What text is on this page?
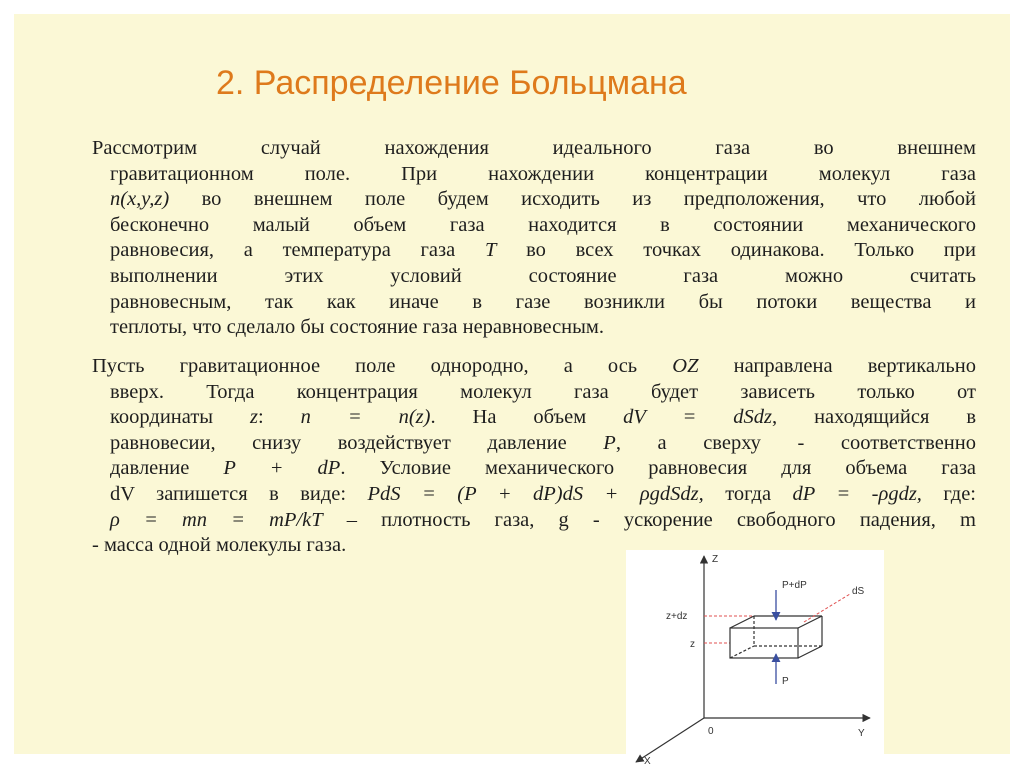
2. Распределение Больцмана
Рассмотрим случай нахождения идеального газа во внешнем
гравитационном поле. При нахождении концентрации молекул газа
n(x,y,z) во внешнем поле будем исходить из предположения, что любой
бесконечно малый объем газа находится в состоянии механического
равновесия, а температура газа T во всех точках одинакова. Только при
выполнении этих условий состояние газа можно считать
равновесным, так как иначе в газе возникли бы потоки вещества и
теплоты, что сделало бы состояние газа неравновесным.
Пусть гравитационное поле однородно, а ось OZ направлена вертикально
вверх. Тогда концентрация молекул газа будет зависеть только от
координаты z: n = n(z). На объем dV = dSdz, находящийся в
равновесии, снизу воздействует давление P, а сверху - соответственно
давление P + dP. Условие механического равновесия для объема газа
dV запишется в виде: PdS = (P + dP)dS + ρgdSdz, тогда dP = -ρgdz, где:
ρ = mn = mP/kT – плотность газа, g - ускорение свободного падения, m
- масса одной молекулы газа.
Z
Y
X
0
z+dz
z
P+dP
P
dS
